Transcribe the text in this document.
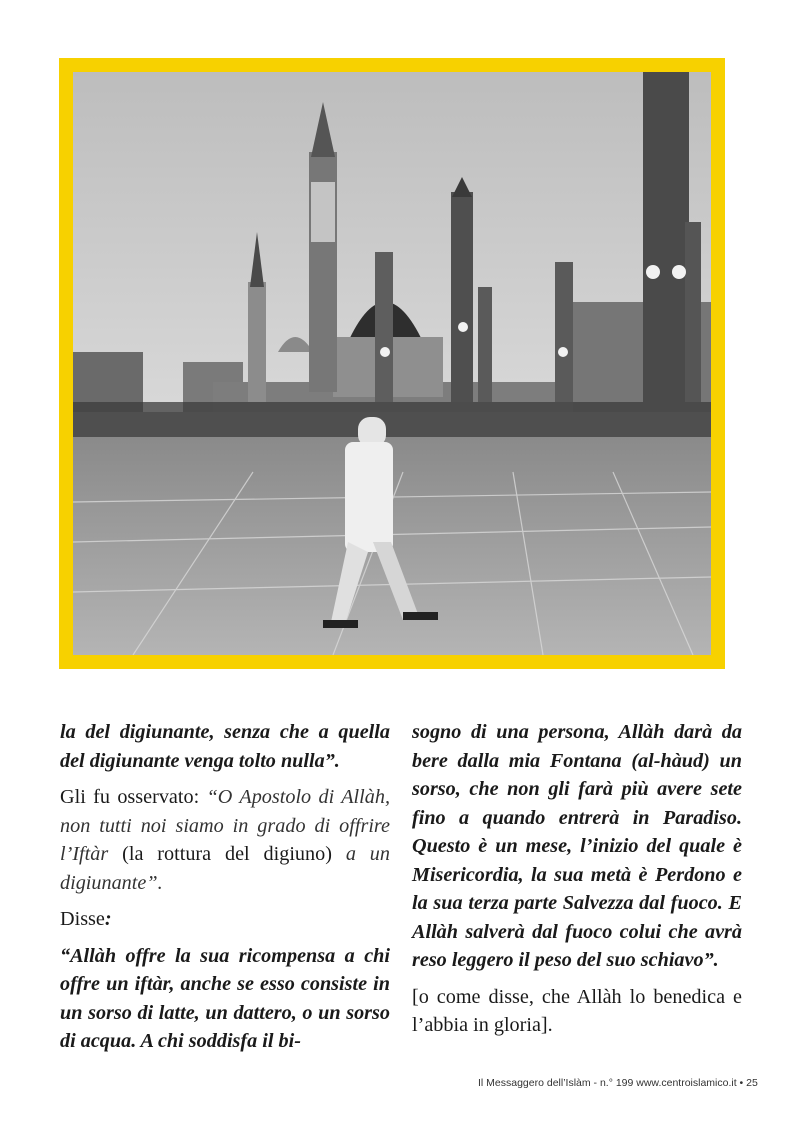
la del digiunante, senza che a quella del digiunante venga tolto nulla”.

Gli fu osservato: “O Apostolo di Allàh, non tutti noi siamo in grado di offrire l’Iftàr (la rottura del digiuno) a un digiunante”.

Disse:

“Allàh offre la sua ricompensa a chi offre un iftàr, anche se esso consiste in un sorso di latte, un dattero, o un sorso di acqua. A chi soddisfa il bi-

sogno di una persona, Allàh darà da bere dalla mia Fontana (al-hàud) un sorso, che non gli farà più avere sete fino a quando entrerà in Paradiso. Questo è un mese, l’inizio del quale è Misericordia, la sua metà è Perdono e la sua terza parte Salvezza dal fuoco. E Allàh salverà dal fuoco colui che avrà reso leggero il peso del suo schiavo”.

[o come disse, che Allàh lo benedica e l’abbia in gloria].

Il Messaggero dell’Islàm - n.° 199 www.centroislamico.it • 25
